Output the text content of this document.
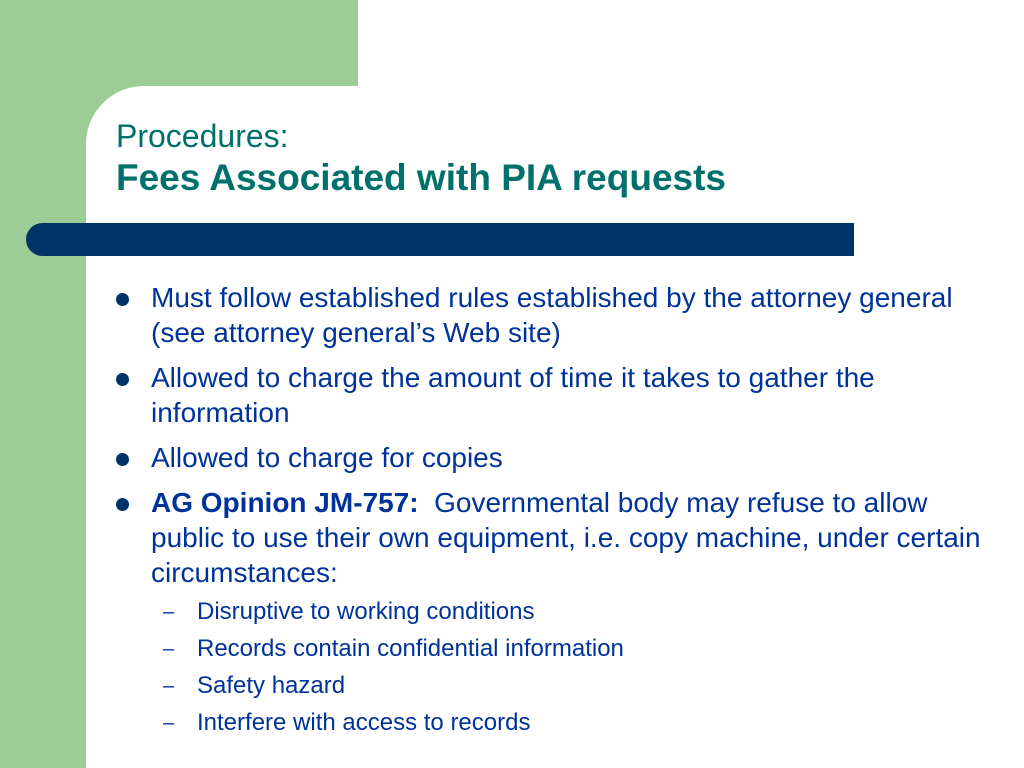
Procedures:
Fees Associated with PIA requests
Must follow established rules established by the attorney general (see attorney general’s Web site)
Allowed to charge the amount of time it takes to gather the information
Allowed to charge for copies
AG Opinion JM-757: Governmental body may refuse to allow public to use their own equipment, i.e. copy machine, under certain circumstances:
– Disruptive to working conditions
– Records contain confidential information
– Safety hazard
– Interfere with access to records
